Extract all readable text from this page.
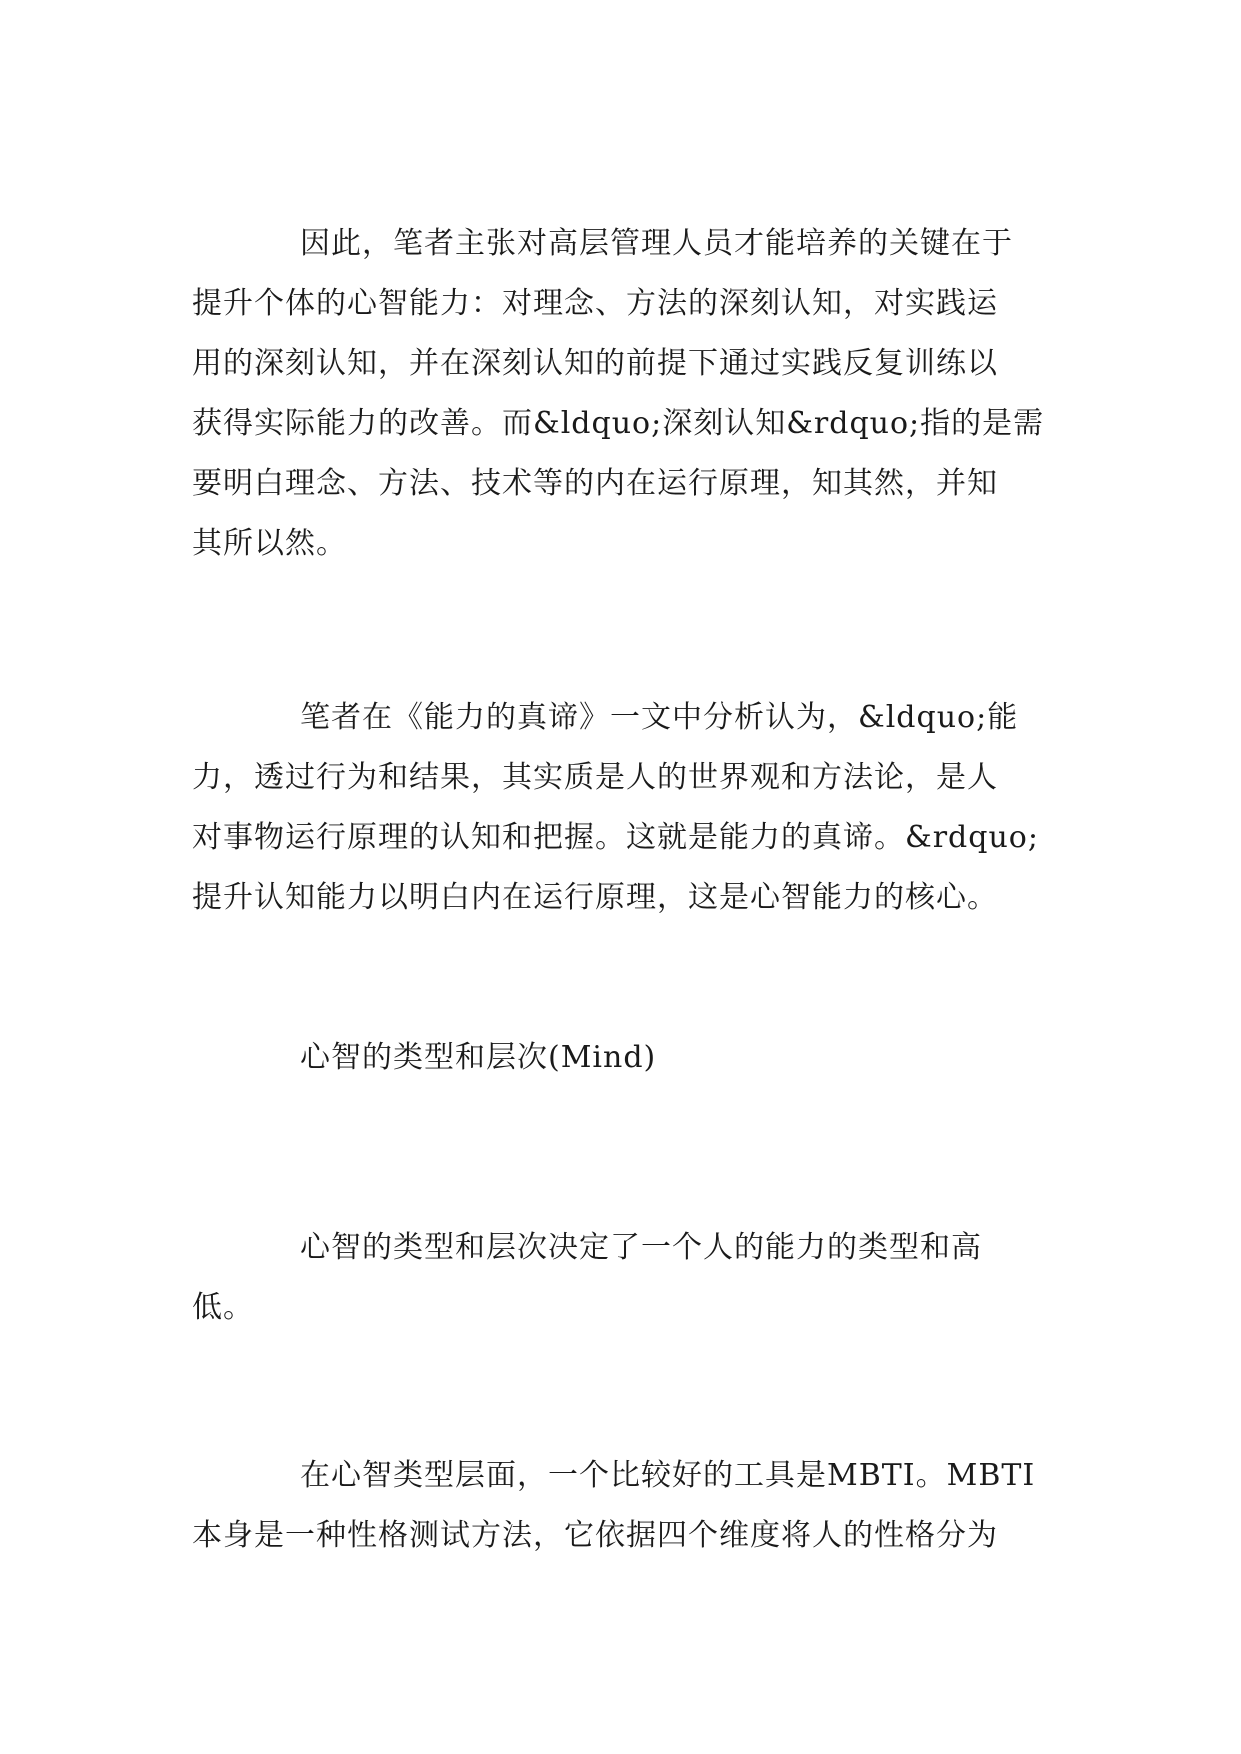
因此，笔者主张对高层管理人员才能培养的关键在于
提升个体的心智能力：对理念、方法的深刻认知，对实践运
用的深刻认知，并在深刻认知的前提下通过实践反复训练以
获得实际能力的改善。而&ldquo;深刻认知&rdquo;指的是需
要明白理念、方法、技术等的内在运行原理，知其然，并知
其所以然。

笔者在《能力的真谛》一文中分析认为，&ldquo;能
力，透过行为和结果，其实质是人的世界观和方法论，是人
对事物运行原理的认知和把握。这就是能力的真谛。&rdquo;
提升认知能力以明白内在运行原理，这是心智能力的核心。

心智的类型和层次(Mind)

心智的类型和层次决定了一个人的能力的类型和高
低。

在心智类型层面，一个比较好的工具是MBTI。MBTI
本身是一种性格测试方法，它依据四个维度将人的性格分为
